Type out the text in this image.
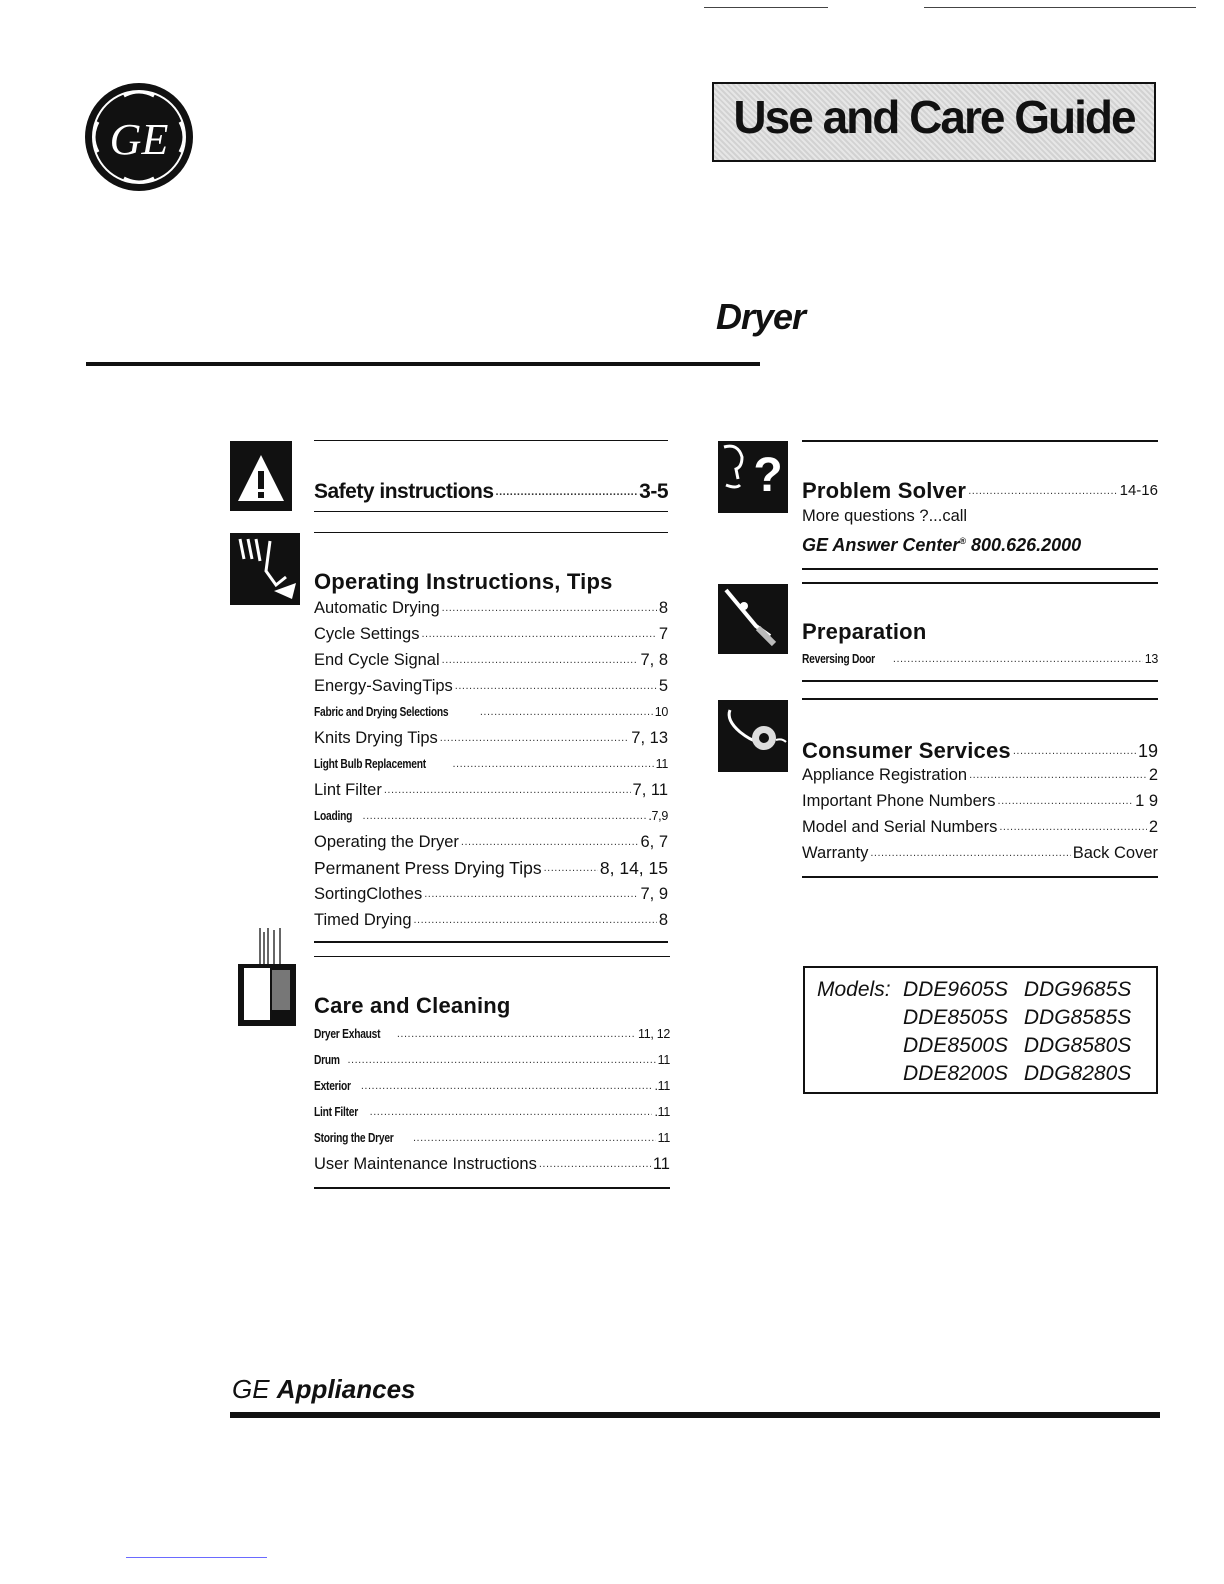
GE	Use and Care Guide
Dryer
Safety instructions .....	3-5
Operating Instructions, Tips
Automatic Drying .....	8
Cycle Settings .....	7
End Cycle Signal .....	7, 8
Energy-SavingTips .....	5
Fabric and Drying Selections .....	10
Knits Drying Tips .....	7, 13
Light Bulb Replacement .....	11
Lint Filter .....	7, 11
Loading .....	.7,9
Operating the Dryer .....	6, 7
Permanent Press Drying Tips .....	8, 14, 15
SortingClothes .....	7, 9
Timed Drying .....	8
Care and Cleaning
Dryer Exhaust .....	11, 12
Drum .....	11
Exterior .....	.11
Lint Filter .....	.11
Storing the Dryer .....	11
User Maintenance Instructions .....	11
? Problem Solver .....	14-16
More questions ?...call
GE Answer Center® 800.626.2000
Preparation
Reversing Door .....	13
Consumer Services .....	19
Appliance Registration .....	2
Important Phone Numbers .....	1 9
Model and Serial Numbers .....	2
Warranty .....	Back Cover
Models: DDE9605S DDG9685S
DDE8505S DDG8585S
DDE8500S DDG8580S
DDE8200S DDG8280S
GE Appliances
